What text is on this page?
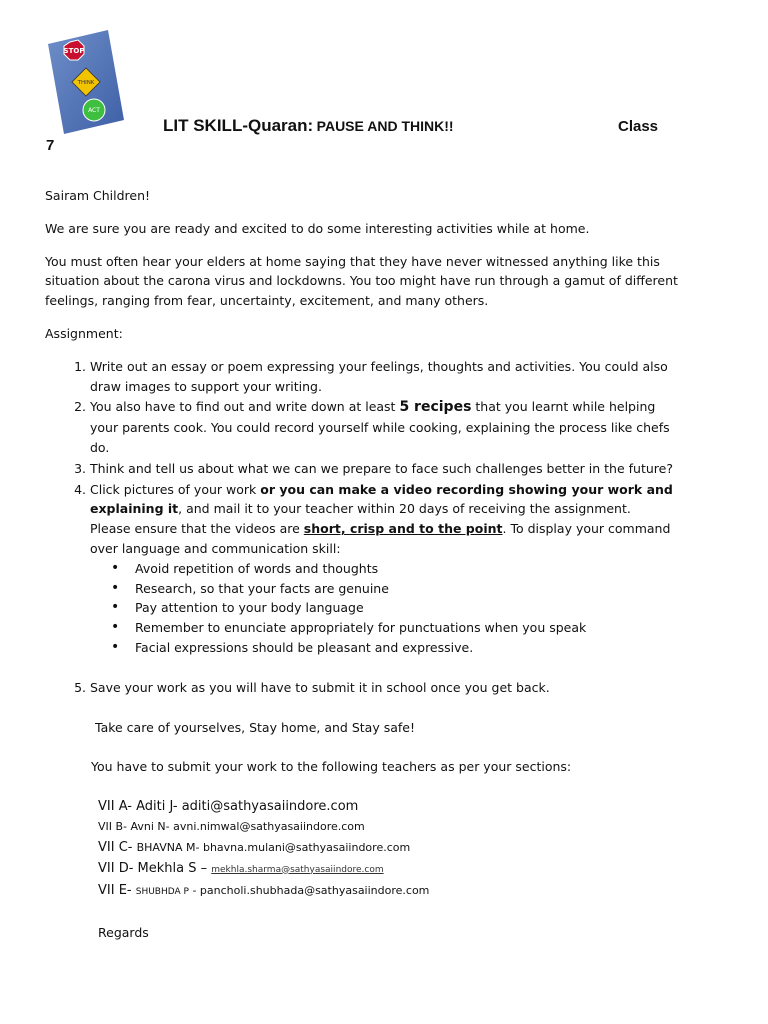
STOP
THINK
ACT
LIT SKILL-Quaran: PAUSE AND THINK!!	Class
7

Sairam Children!

We are sure you are ready and excited to do some interesting activities while at home.

You must often hear your elders at home saying that they have never witnessed anything like this situation about the carona virus and lockdowns. You too might have run through a gamut of different feelings, ranging from fear, uncertainty, excitement, and many others.

Assignment:

1. Write out an essay or poem expressing your feelings, thoughts and activities. You could also draw images to support your writing.
2. You also have to find out and write down at least 5 recipes that you learnt while helping your parents cook. You could record yourself while cooking, explaining the process like chefs do.
3. Think and tell us about what we can we prepare to face such challenges better in the future?
4. Click pictures of your work or you can make a video recording showing your work and explaining it, and mail it to your teacher within 20 days of receiving the assignment.
Please ensure that the videos are short, crisp and to the point. To display your command over language and communication skill:
• Avoid repetition of words and thoughts
• Research, so that your facts are genuine
• Pay attention to your body language
• Remember to enunciate appropriately for punctuations when you speak
• Facial expressions should be pleasant and expressive.
5. Save your work as you will have to submit it in school once you get back.
Take care of yourselves, Stay home, and Stay safe!
You have to submit your work to the following teachers as per your sections:
VII A- Aditi J- aditi@sathyasaiindore.com
VII B- Avni N- avni.nimwal@sathyasaiindore.com
VII C- BHAVNA M- bhavna.mulani@sathyasaiindore.com
VII D- Mekhla S – mekhla.sharma@sathyasaiindore.com
VII E- SHUBHDA P - pancholi.shubhada@sathyasaiindore.com
Regards
